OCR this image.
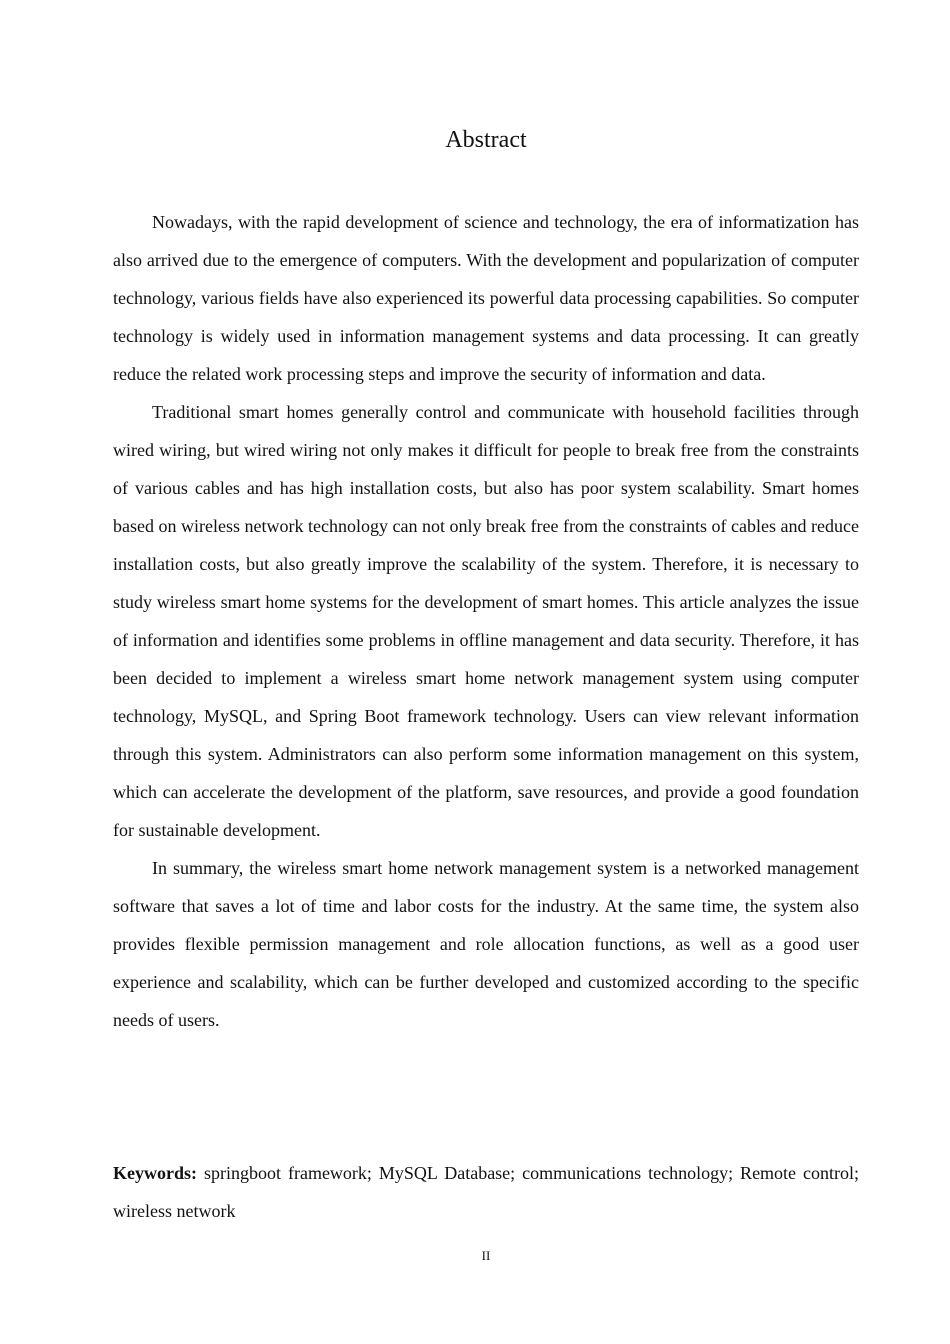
Abstract

Nowadays, with the rapid development of science and technology, the era of informatization has also arrived due to the emergence of computers. With the development and popularization of computer technology, various fields have also experienced its powerful data processing capabilities. So computer technology is widely used in information management systems and data processing. It can greatly reduce the related work processing steps and improve the security of information and data.

Traditional smart homes generally control and communicate with household facilities through wired wiring, but wired wiring not only makes it difficult for people to break free from the constraints of various cables and has high installation costs, but also has poor system scalability. Smart homes based on wireless network technology can not only break free from the constraints of cables and reduce installation costs, but also greatly improve the scalability of the system. Therefore, it is necessary to study wireless smart home systems for the development of smart homes. This article analyzes the issue of information and identifies some problems in offline management and data security. Therefore, it has been decided to implement a wireless smart home network management system using computer technology, MySQL, and Spring Boot framework technology. Users can view relevant information through this system. Administrators can also perform some information management on this system, which can accelerate the development of the platform, save resources, and provide a good foundation for sustainable development.

In summary, the wireless smart home network management system is a networked management software that saves a lot of time and labor costs for the industry. At the same time, the system also provides flexible permission management and role allocation functions, as well as a good user experience and scalability, which can be further developed and customized according to the specific needs of users.

Keywords: springboot framework; MySQL Database; communications technology; Remote control; wireless network

II
